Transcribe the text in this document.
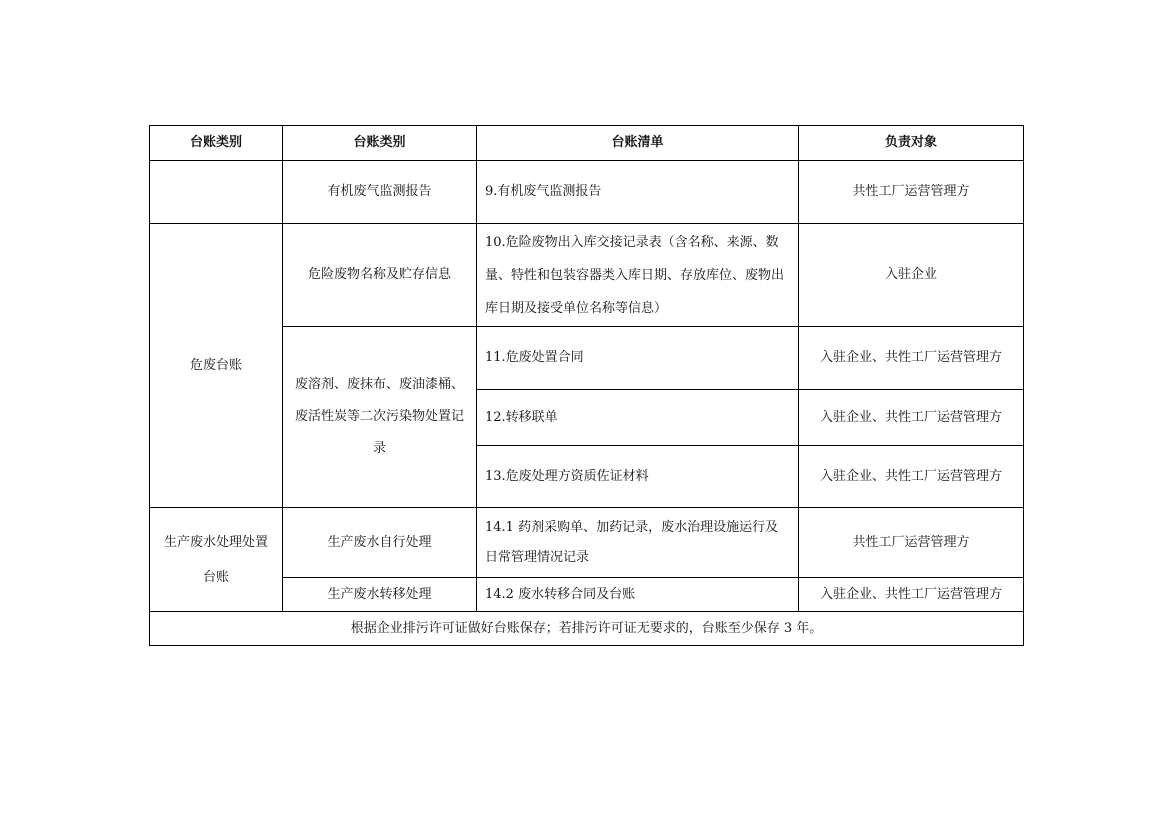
台账类别	台账类别	台账清单	负责对象
	有机废气监测报告	9.有机废气监测报告	共性工厂运营管理方
危废台账	危险废物名称及贮存信息	10.危险废物出入库交接记录表（含名称、来源、数量、特性和包装容器类入库日期、存放库位、废物出库日期及接受单位名称等信息）	入驻企业
	废溶剂、废抹布、废油漆桶、废活性炭等二次污染物处置记录	11.危废处置合同	入驻企业、共性工厂运营管理方
		12.转移联单	入驻企业、共性工厂运营管理方
		13.危废处理方资质佐证材料	入驻企业、共性工厂运营管理方
生产废水处理处置台账	生产废水自行处理	14.1 药剂采购单、加药记录，废水治理设施运行及日常管理情况记录	共性工厂运营管理方
	生产废水转移处理	14.2 废水转移合同及台账	入驻企业、共性工厂运营管理方
根据企业排污许可证做好台账保存；若排污许可证无要求的，台账至少保存 3 年。			
